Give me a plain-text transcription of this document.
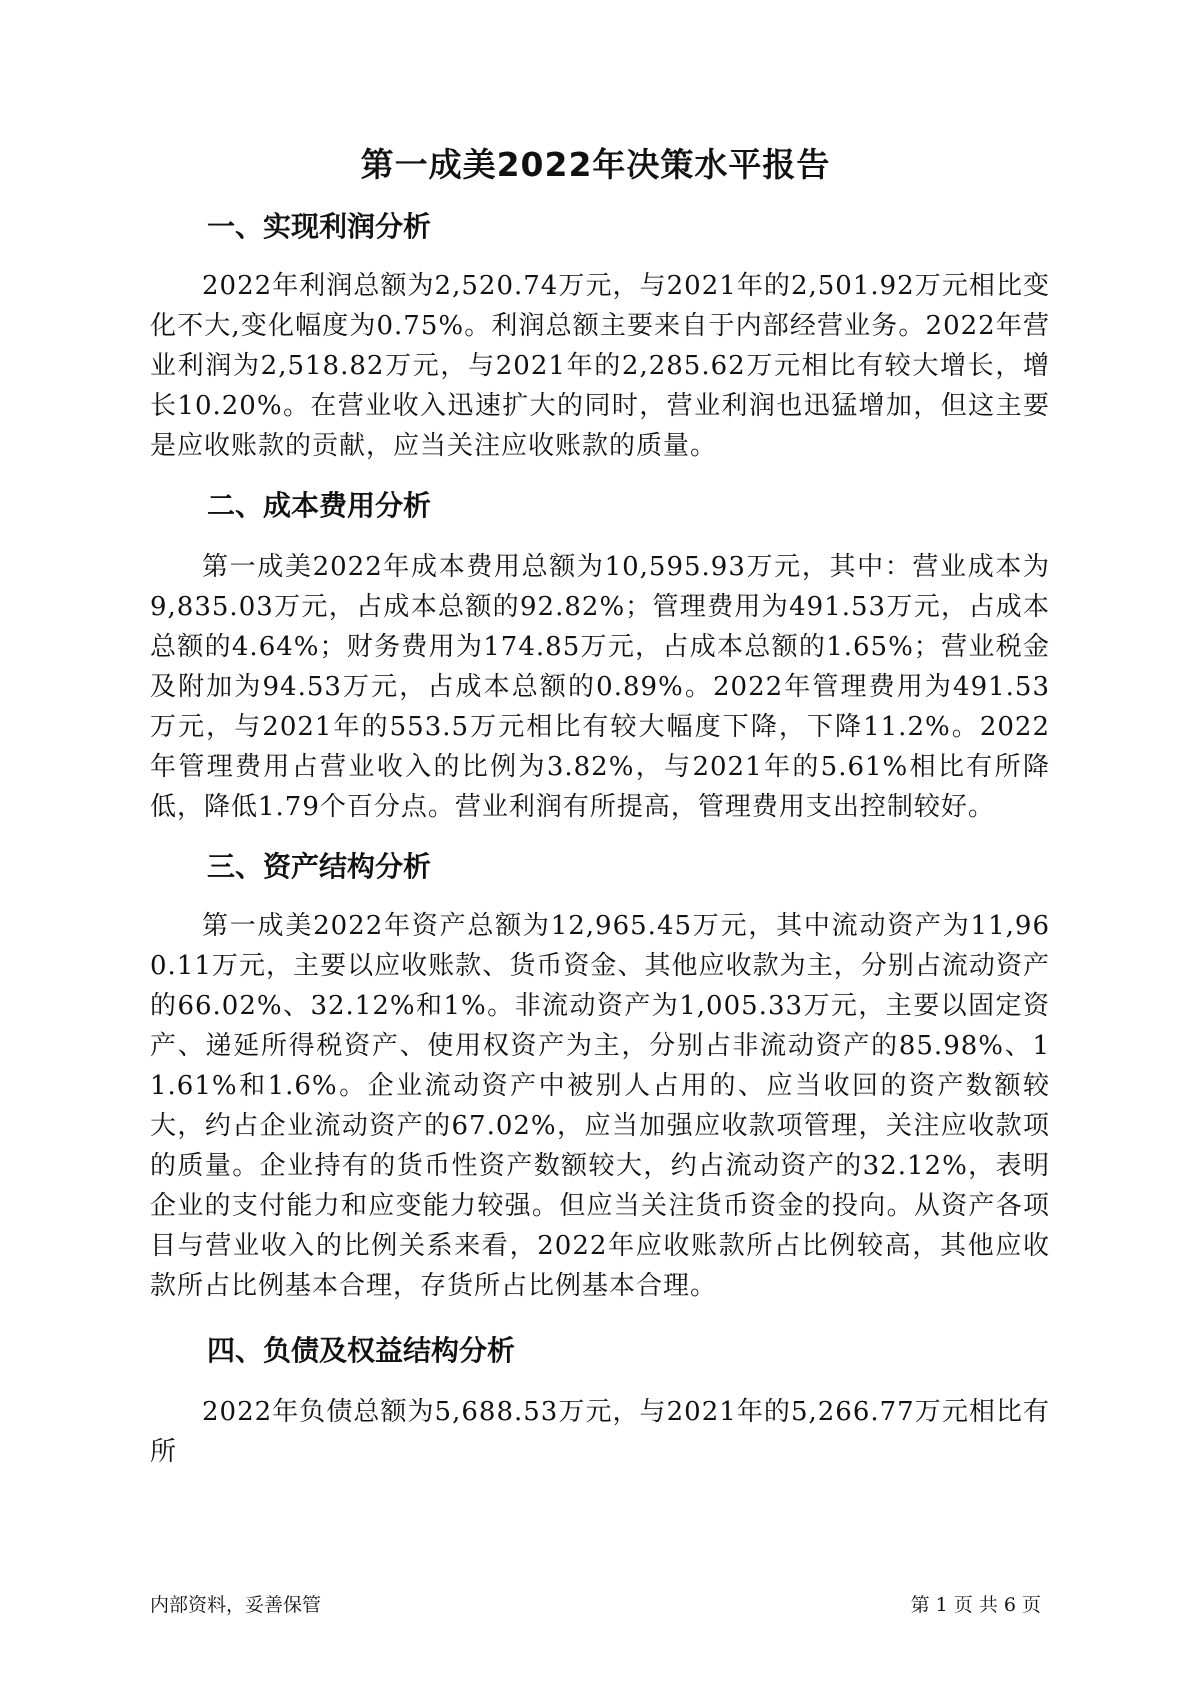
第一成美2022年决策水平报告
一、实现利润分析

2022年利润总额为2,520.74万元，与2021年的2,501.92万元相比变化不大,变化幅度为0.75%。利润总额主要来自于内部经营业务。2022年营业利润为2,518.82万元，与2021年的2,285.62万元相比有较大增长，增长10.20%。在营业收入迅速扩大的同时，营业利润也迅猛增加，但这主要是应收账款的贡献，应当关注应收账款的质量。

二、成本费用分析

第一成美2022年成本费用总额为10,595.93万元，其中：营业成本为9,835.03万元，占成本总额的92.82%；管理费用为491.53万元，占成本总额的4.64%；财务费用为174.85万元，占成本总额的1.65%；营业税金及附加为94.53万元，占成本总额的0.89%。2022年管理费用为491.53万元，与2021年的553.5万元相比有较大幅度下降，下降11.2%。2022年管理费用占营业收入的比例为3.82%，与2021年的5.61%相比有所降低，降低1.79个百分点。营业利润有所提高，管理费用支出控制较好。

三、资产结构分析

第一成美2022年资产总额为12,965.45万元，其中流动资产为11,960.11万元，主要以应收账款、货币资金、其他应收款为主，分别占流动资产的66.02%、32.12%和1%。非流动资产为1,005.33万元，主要以固定资产、递延所得税资产、使用权资产为主，分别占非流动资产的85.98%、11.61%和1.6%。企业流动资产中被别人占用的、应当收回的资产数额较大，约占企业流动资产的67.02%，应当加强应收款项管理，关注应收款项的质量。企业持有的货币性资产数额较大，约占流动资产的32.12%，表明企业的支付能力和应变能力较强。但应当关注货币资金的投向。从资产各项目与营业收入的比例关系来看，2022年应收账款所占比例较高，其他应收款所占比例基本合理，存货所占比例基本合理。

四、负债及权益结构分析

2022年负债总额为5,688.53万元，与2021年的5,266.77万元相比有所

内部资料，妥善保管	第 1 页 共 6 页
